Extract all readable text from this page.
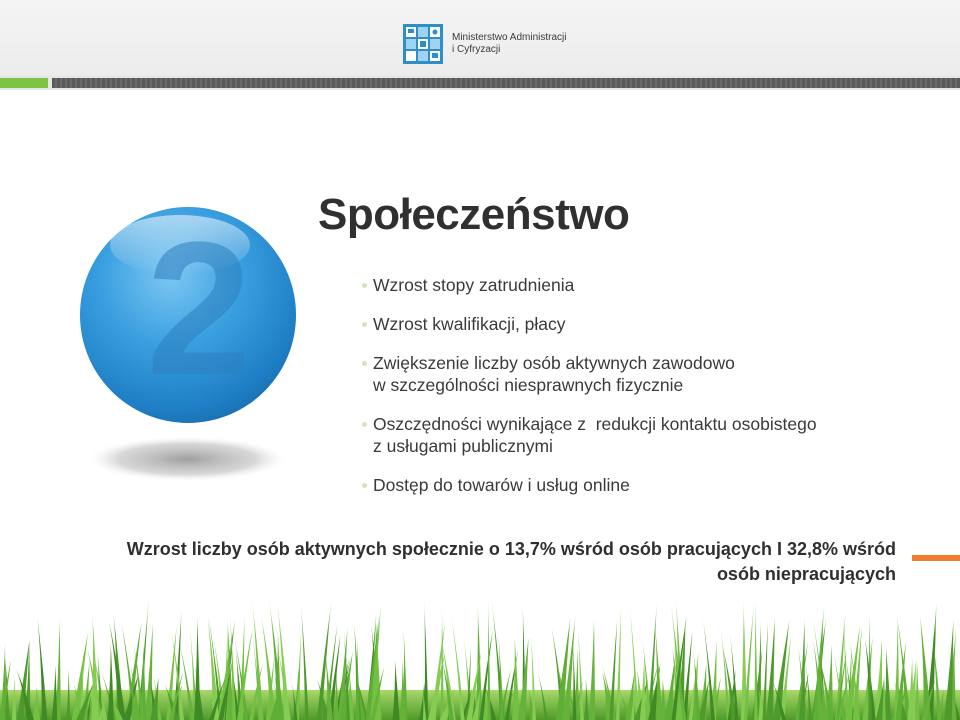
Ministerstwo Administracji
i Cyfryzacji
2 Społeczeństwo
Wzrost stopy zatrudnienia
Wzrost kwalifikacji, płacy
Zwiększenie liczby osób aktywnych zawodowo
w szczególności niesprawnych fizycznie
Oszczędności wynikające z  redukcji kontaktu osobistego
z usługami publicznymi
Dostęp do towarów i usług online
Wzrost liczby osób aktywnych społecznie o 13,7% wśród osób pracujących I 32,8% wśród
osób niepracujących
